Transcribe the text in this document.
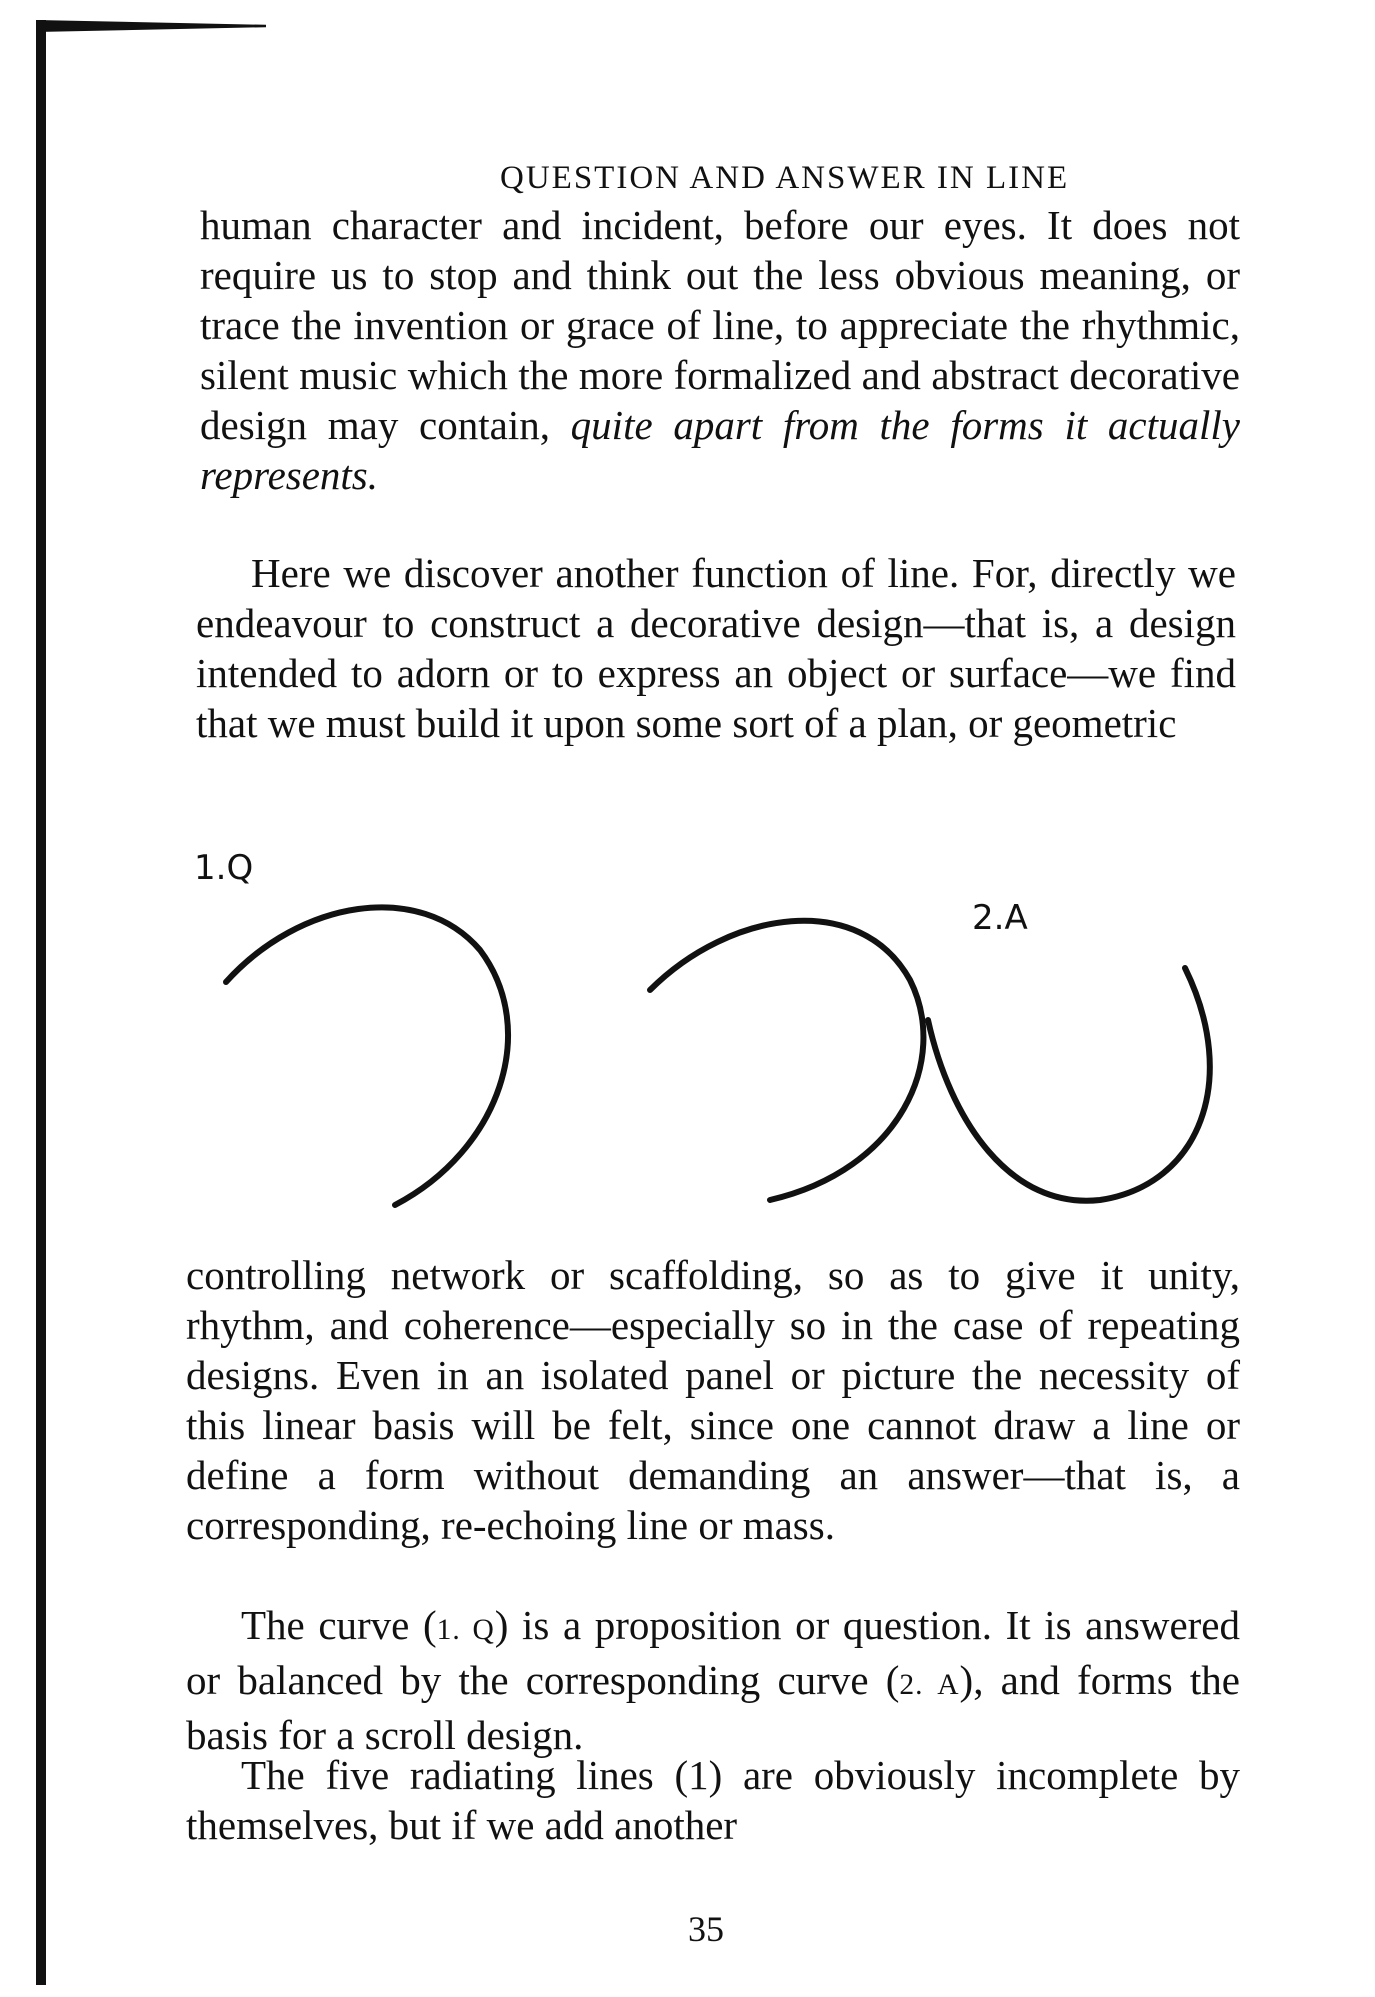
QUESTION AND ANSWER IN LINE

human character and incident, before our eyes. It does not require us to stop and think out the less obvious meaning, or trace the invention or grace of line, to appreciate the rhythmic, silent music which the more formalized and abstract decorative design may contain, quite apart from the forms it actually represents.

Here we discover another function of line. For, directly we endeavour to construct a decorative design—that is, a design intended to adorn or to express an object or surface—we find that we must build it upon some sort of a plan, or geometric

1.Q
2.A

controlling network or scaffolding, so as to give it unity, rhythm, and coherence—especially so in the case of repeating designs. Even in an isolated panel or picture the necessity of this linear basis will be felt, since one cannot draw a line or define a form without demanding an answer—that is, a corresponding, re-echoing line or mass.

The curve (1. Q) is a proposition or question. It is answered or balanced by the corresponding curve (2. A), and forms the basis for a scroll design.

The five radiating lines (1) are obviously incomplete by themselves, but if we add another

35
